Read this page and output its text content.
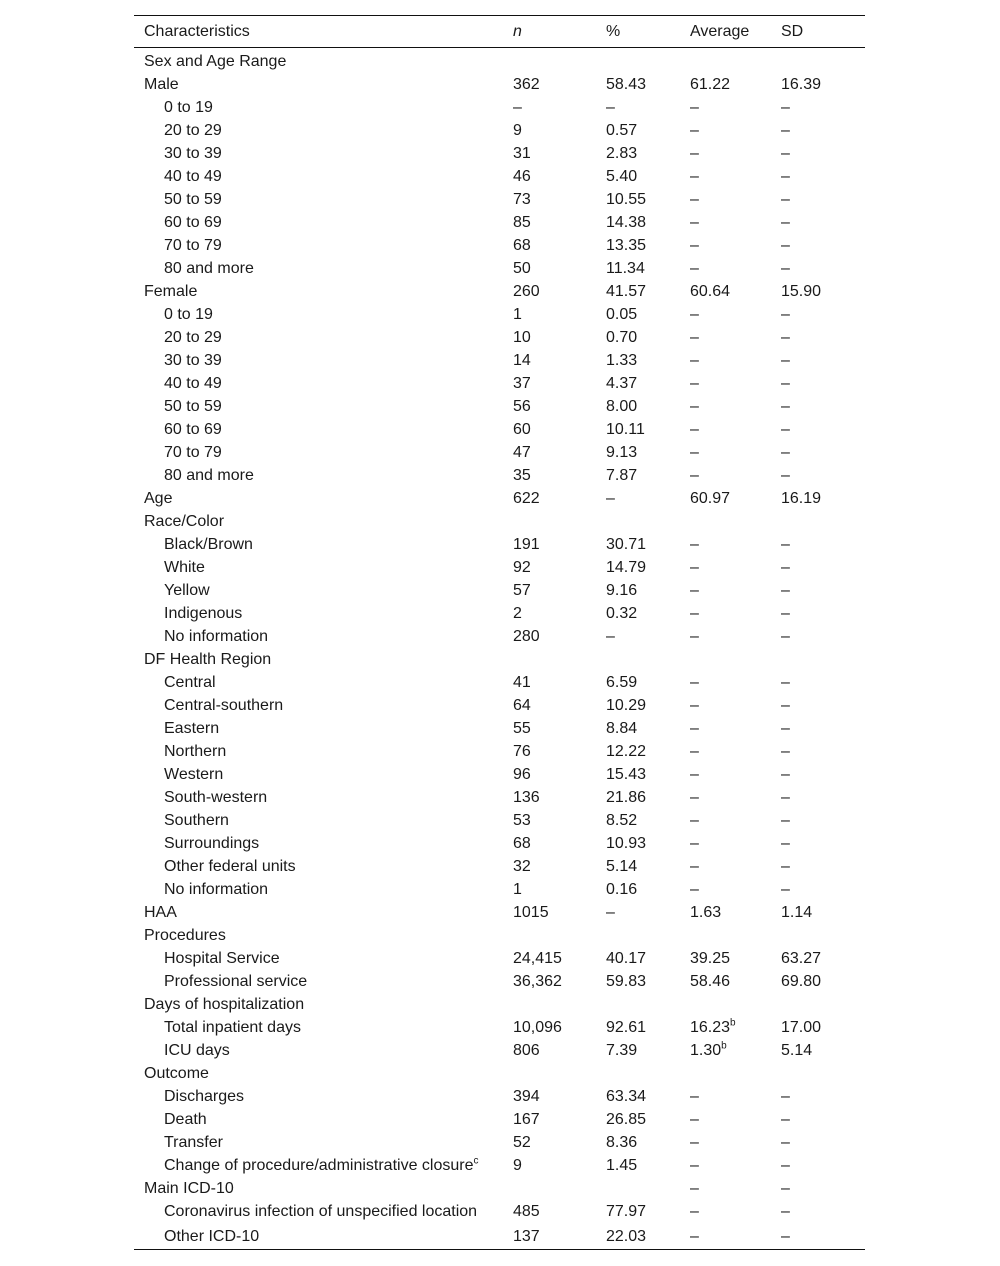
Characteristics	n	%	Average	SD
Sex and Age Range				
Male	362	58.43	61.22	16.39
0 to 19	–	–	–	–
20 to 29	9	0.57	–	–
30 to 39	31	2.83	–	–
40 to 49	46	5.40	–	–
50 to 59	73	10.55	–	–
60 to 69	85	14.38	–	–
70 to 79	68	13.35	–	–
80 and more	50	11.34	–	–
Female	260	41.57	60.64	15.90
0 to 19	1	0.05	–	–
20 to 29	10	0.70	–	–
30 to 39	14	1.33	–	–
40 to 49	37	4.37	–	–
50 to 59	56	8.00	–	–
60 to 69	60	10.11	–	–
70 to 79	47	9.13	–	–
80 and more	35	7.87	–	–
Age	622	–	60.97	16.19
Race/Color				
Black/Brown	191	30.71	–	–
White	92	14.79	–	–
Yellow	57	9.16	–	–
Indigenous	2	0.32	–	–
No information	280	–	–	–
DF Health Region				
Central	41	6.59	–	–
Central-southern	64	10.29	–	–
Eastern	55	8.84	–	–
Northern	76	12.22	–	–
Western	96	15.43	–	–
South-western	136	21.86	–	–
Southern	53	8.52	–	–
Surroundings	68	10.93	–	–
Other federal units	32	5.14	–	–
No information	1	0.16	–	–
HAA	1015	–	1.63	1.14
Procedures				
Hospital Service	24,415	40.17	39.25	63.27
Professional service	36,362	59.83	58.46	69.80
Days of hospitalization				
Total inpatient days	10,096	92.61	16.23$^b$	17.00
ICU days	806	7.39	1.30$^b$	5.14
Outcome				
Discharges	394	63.34	–	–
Death	167	26.85	–	–
Transfer	52	8.36	–	–
Change of procedure/administrative closure$^c$	9	1.45	–	–
Main ICD-10			–	–
Coronavirus infection of unspecified location	485	77.97	–	–
Other ICD-10	137	22.03	–	–
